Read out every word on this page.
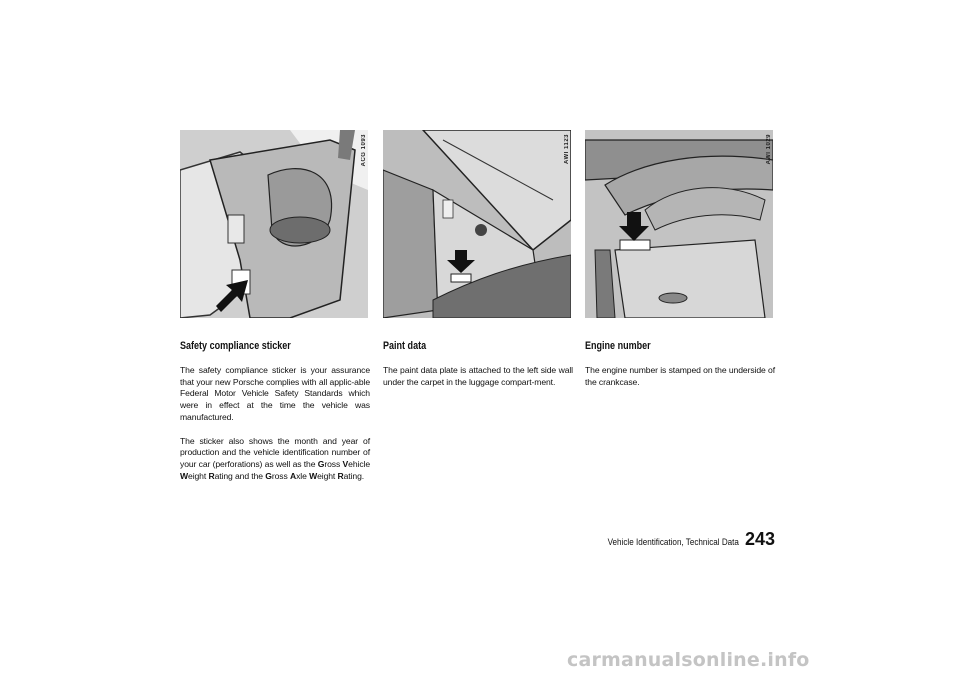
ACG 1093	AWI 1123	AWI 1029
Safety compliance sticker

The safety compliance sticker is your assurance that your new Porsche complies with all applic-able Federal Motor Vehicle Safety Standards which were in effect at the time the vehicle was manufactured.

The sticker also shows the month and year of production and the vehicle identification number of your car (perforations) as well as the Gross Vehicle Weight Rating and the Gross Axle Weight Rating.

Paint data

The paint data plate is attached to the left side wall under the carpet in the luggage compart-ment.

Engine number

The engine number is stamped on the underside of the crankcase.

Vehicle Identification, Technical Data 243
carmanualsonline.info
